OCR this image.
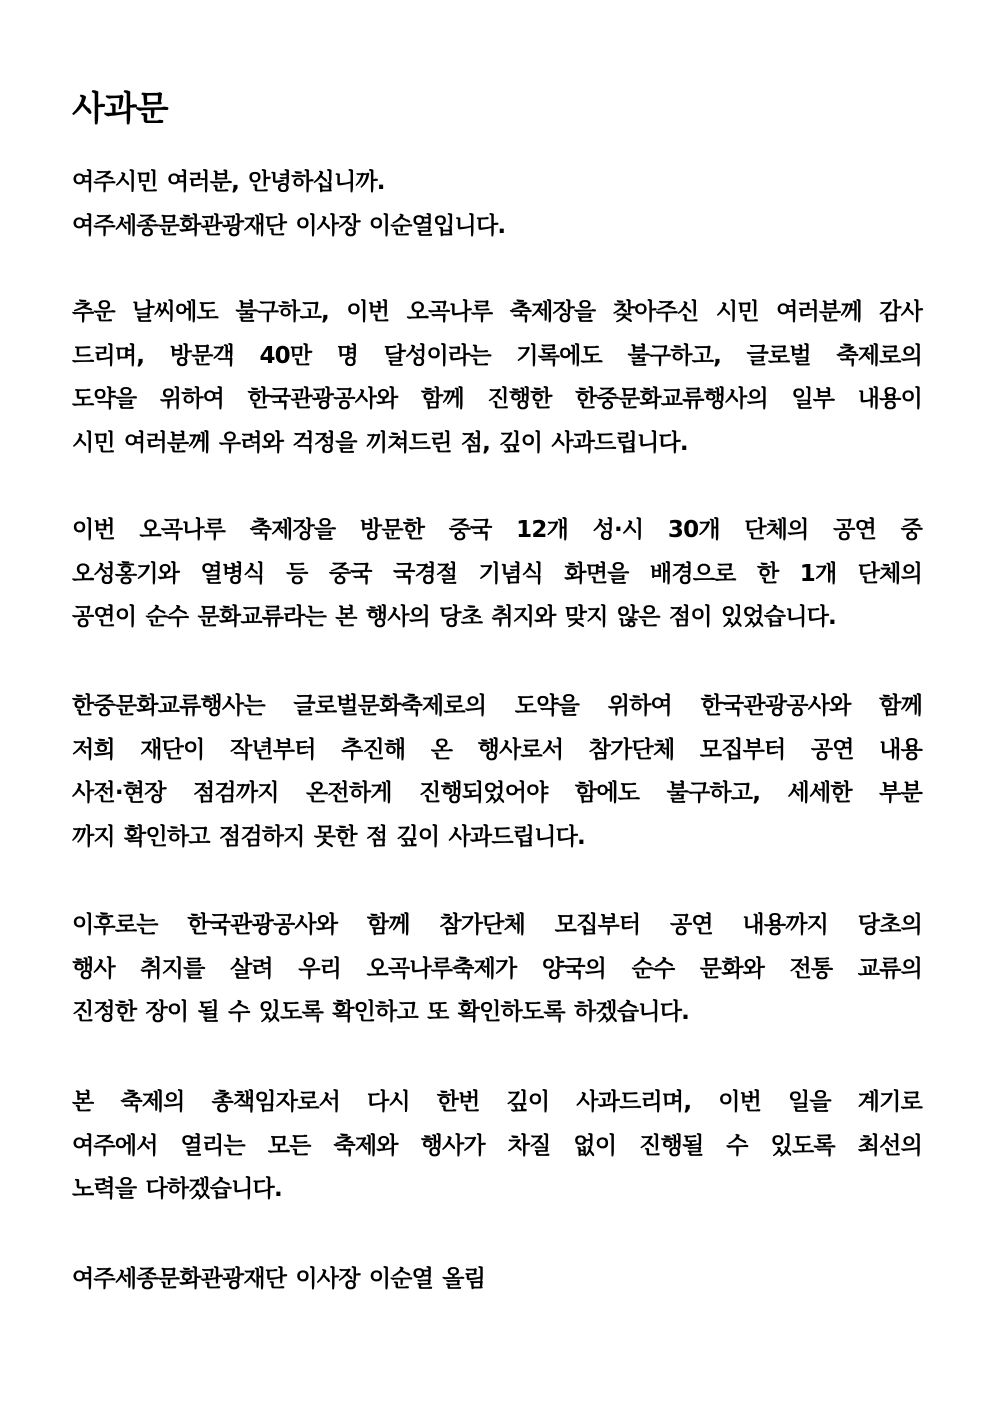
사과문

여주시민 여러분, 안녕하십니까.
여주세종문화관광재단 이사장 이순열입니다.

추운 날씨에도 불구하고, 이번 오곡나루 축제장을 찾아주신 시민 여러분께 감사
드리며, 방문객 40만 명 달성이라는 기록에도 불구하고, 글로벌 축제로의
도약을 위하여 한국관광공사와 함께 진행한 한중문화교류행사의 일부 내용이
시민 여러분께 우려와 걱정을 끼쳐드린 점, 깊이 사과드립니다.

이번 오곡나루 축제장을 방문한 중국 12개 성·시 30개 단체의 공연 중
오성홍기와 열병식 등 중국 국경절 기념식 화면을 배경으로 한 1개 단체의
공연이 순수 문화교류라는 본 행사의 당초 취지와 맞지 않은 점이 있었습니다.

한중문화교류행사는 글로벌문화축제로의 도약을 위하여 한국관광공사와 함께
저희 재단이 작년부터 추진해 온 행사로서 참가단체 모집부터 공연 내용
사전·현장 점검까지 온전하게 진행되었어야 함에도 불구하고, 세세한 부분
까지 확인하고 점검하지 못한 점 깊이 사과드립니다.

이후로는 한국관광공사와 함께 참가단체 모집부터 공연 내용까지 당초의
행사 취지를 살려 우리 오곡나루축제가 양국의 순수 문화와 전통 교류의
진정한 장이 될 수 있도록 확인하고 또 확인하도록 하겠습니다.

본 축제의 총책임자로서 다시 한번 깊이 사과드리며, 이번 일을 계기로
여주에서 열리는 모든 축제와 행사가 차질 없이 진행될 수 있도록 최선의
노력을 다하겠습니다.

여주세종문화관광재단 이사장 이순열 올림
